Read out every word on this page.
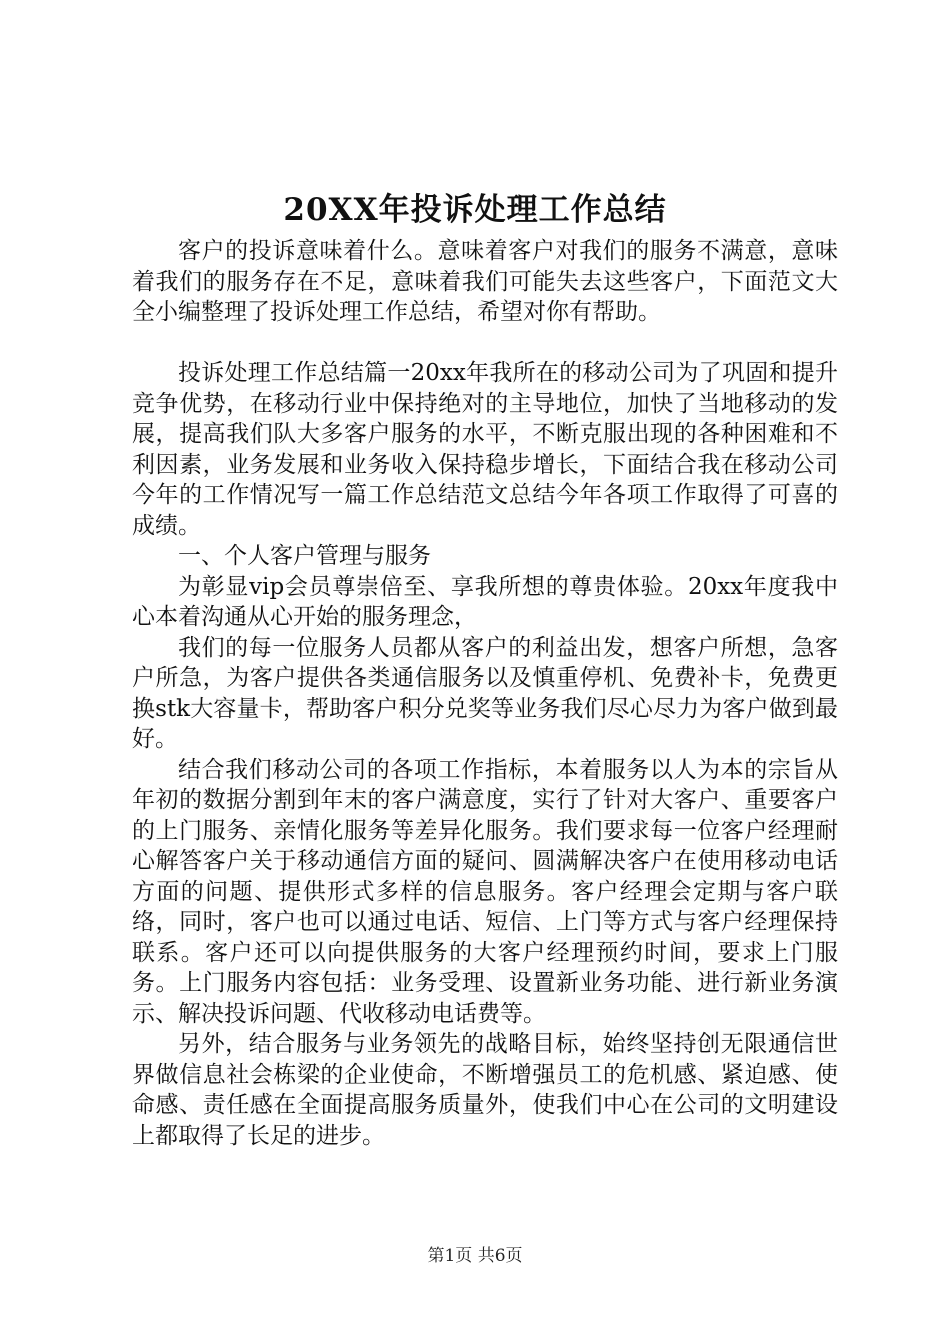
20XX年投诉处理工作总结

客户的投诉意味着什么。意味着客户对我们的服务不满意，意味着我们的服务存在不足，意味着我们可能失去这些客户，下面范文大全小编整理了投诉处理工作总结，希望对你有帮助。

投诉处理工作总结篇一20xx年我所在的移动公司为了巩固和提升竞争优势，在移动行业中保持绝对的主导地位，加快了当地移动的发展，提高我们队大多客户服务的水平，不断克服出现的各种困难和不利因素，业务发展和业务收入保持稳步增长，下面结合我在移动公司今年的工作情况写一篇工作总结范文总结今年各项工作取得了可喜的成绩。

一、个人客户管理与服务

为彰显vip会员尊崇倍至、享我所想的尊贵体验。20xx年度我中心本着沟通从心开始的服务理念，

我们的每一位服务人员都从客户的利益出发，想客户所想，急客户所急，为客户提供各类通信服务以及慎重停机、免费补卡，免费更换stk大容量卡，帮助客户积分兑奖等业务我们尽心尽力为客户做到最好。

结合我们移动公司的各项工作指标，本着服务以人为本的宗旨从年初的数据分割到年末的客户满意度，实行了针对大客户、重要客户的上门服务、亲情化服务等差异化服务。我们要求每一位客户经理耐心解答客户关于移动通信方面的疑问、圆满解决客户在使用移动电话方面的问题、提供形式多样的信息服务。客户经理会定期与客户联络，同时，客户也可以通过电话、短信、上门等方式与客户经理保持联系。客户还可以向提供服务的大客户经理预约时间，要求上门服务。上门服务内容包括：业务受理、设置新业务功能、进行新业务演示、解决投诉问题、代收移动电话费等。

另外，结合服务与业务领先的战略目标，始终坚持创无限通信世界做信息社会栋梁的企业使命，不断增强员工的危机感、紧迫感、使命感、责任感在全面提高服务质量外，使我们中心在公司的文明建设上都取得了长足的进步。

第1页 共6页
